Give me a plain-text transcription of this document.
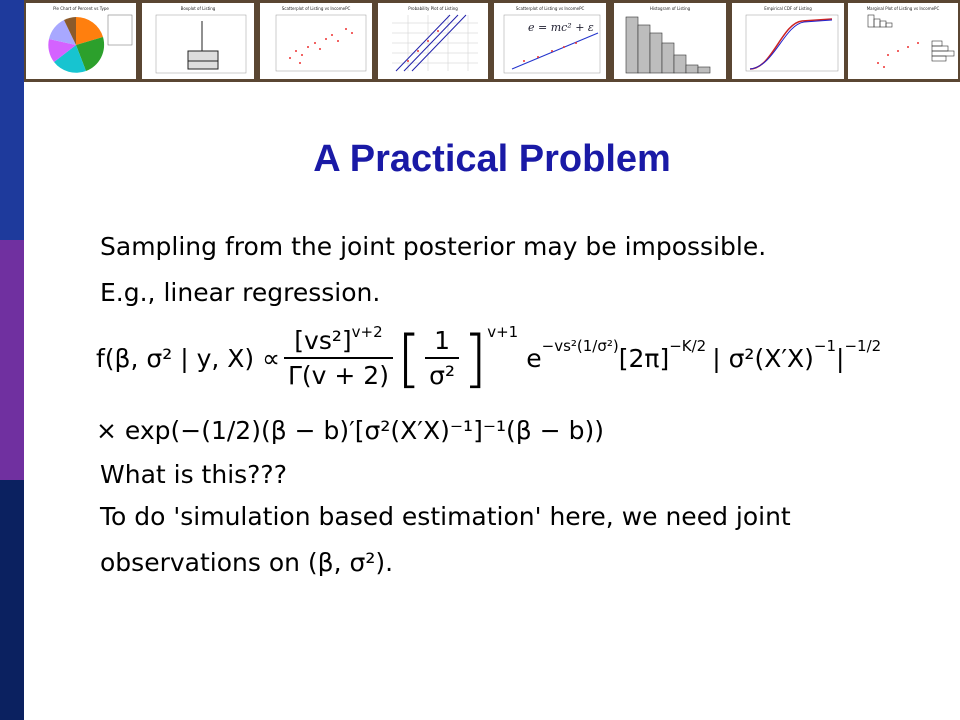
Pie Chart of Percent vs Type	Boxplot of Listing	Scatterplot of Listing vs IncomePC	Probability Plot of Listing	Scatterplot of Listing vs IncomePC
e = mc² + ε
Histogram of Listing	Empirical CDF of Listing	Marginal Plot of Listing vs IncomePC
A Practical Problem
Sampling from the joint posterior may be impossible.
E.g., linear regression.
f(β, σ² | y, $X) \propto \frac{[vs^2]^{v+2}}{\Gamma(v + 2)}$ [ $\frac{1}{\text{σ²}}$ ] v+1
e −vs²(1/σ²) [2π] −K/2 | σ²(X′X) −1 | −1/2
× exp(−(1/2)(β − b)′[σ²(X′X)⁻¹]⁻¹(β − b))
What is this???
To do 'simulation based estimation' here, we need joint
observations on (β, σ²).
